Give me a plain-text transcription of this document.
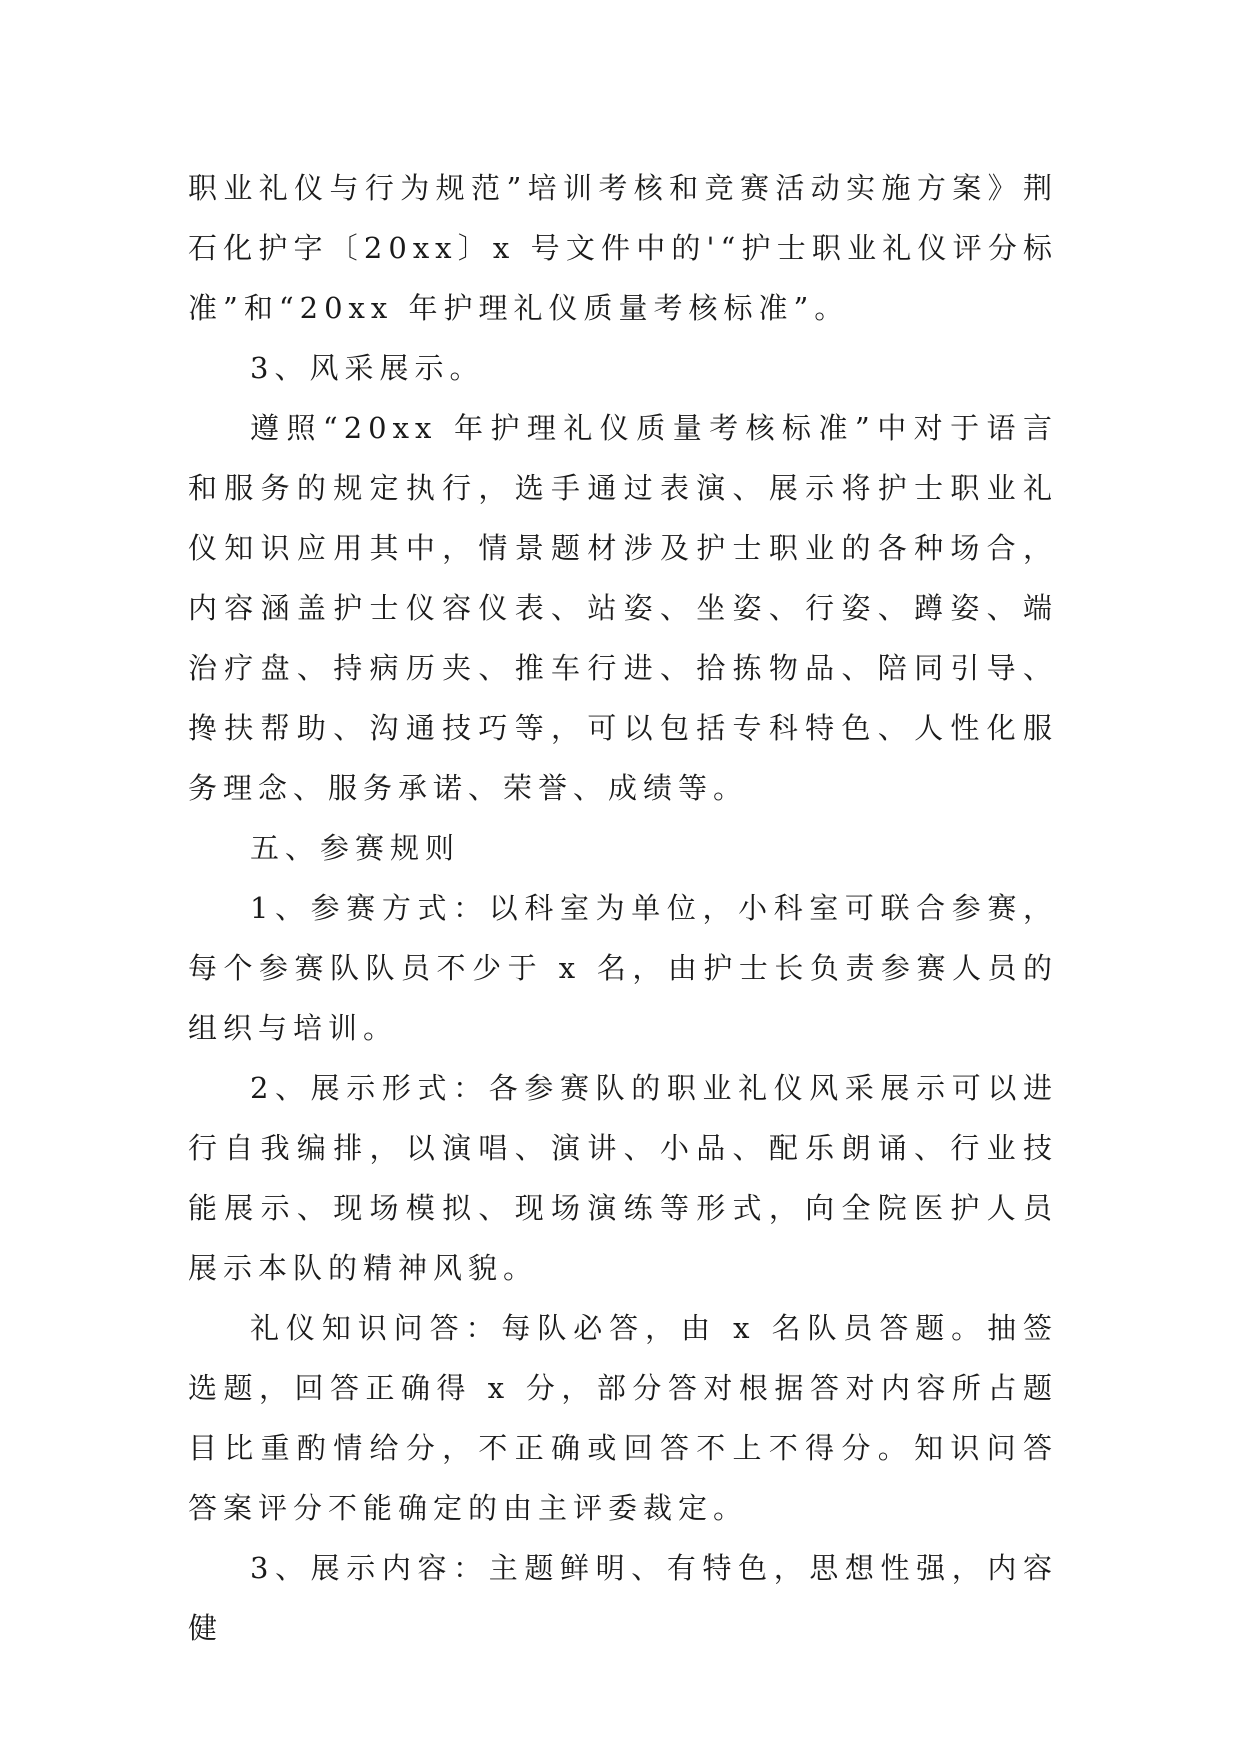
职业礼仪与行为规范”培训考核和竞赛活动实施方案》荆石化护字〔20xx〕x 号文件中的'“护士职业礼仪评分标准”和“20xx 年护理礼仪质量考核标准”。

3、风采展示。

遵照“20xx 年护理礼仪质量考核标准”中对于语言和服务的规定执行，选手通过表演、展示将护士职业礼仪知识应用其中，情景题材涉及护士职业的各种场合，内容涵盖护士仪容仪表、站姿、坐姿、行姿、蹲姿、端治疗盘、持病历夹、推车行进、拾拣物品、陪同引导、搀扶帮助、沟通技巧等，可以包括专科特色、人性化服务理念、服务承诺、荣誉、成绩等。

五、参赛规则

1、参赛方式：以科室为单位，小科室可联合参赛，每个参赛队队员不少于 x 名，由护士长负责参赛人员的组织与培训。

2、展示形式：各参赛队的职业礼仪风采展示可以进行自我编排，以演唱、演讲、小品、配乐朗诵、行业技能展示、现场模拟、现场演练等形式，向全院医护人员展示本队的精神风貌。

礼仪知识问答：每队必答，由 x 名队员答题。抽签选题，回答正确得 x 分，部分答对根据答对内容所占题目比重酌情给分，不正确或回答不上不得分。知识问答答案评分不能确定的由主评委裁定。

3、展示内容：主题鲜明、有特色，思想性强，内容健
